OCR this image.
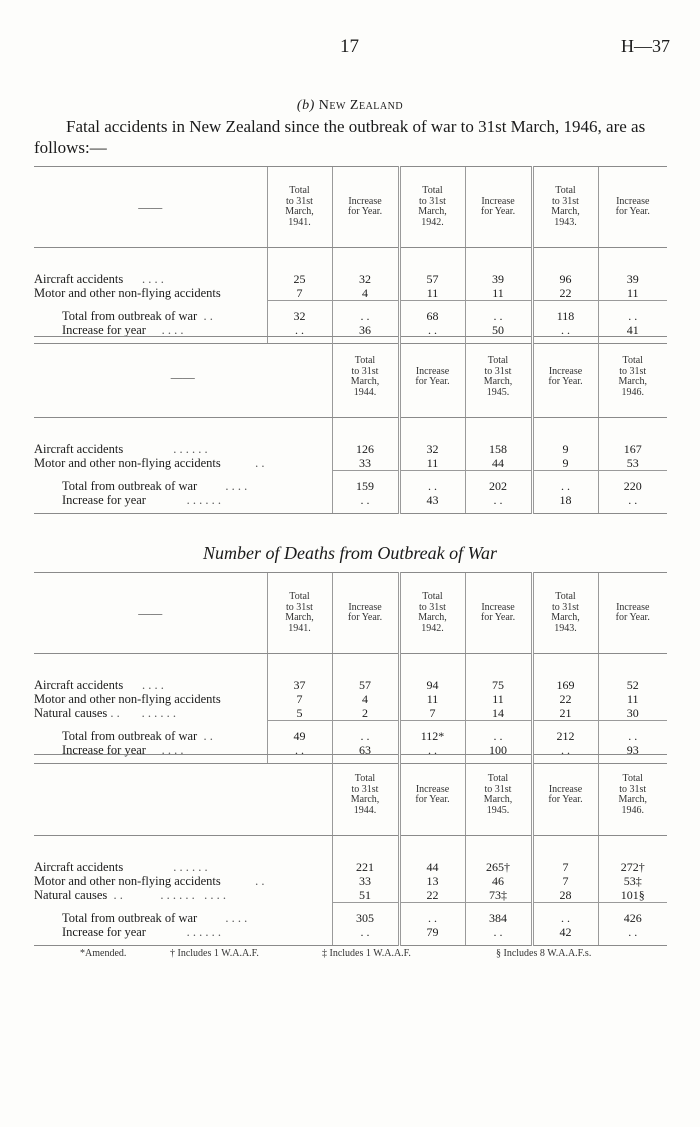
17	H—37
(b) New Zealand

Fatal accidents in New Zealand since the outbreak of war to 31st March, 1946, are as follows:—

——	Total
to 31st
March,
1941.	Increase
for Year.	Total
to 31st
March,
1942.	Increase
for Year.	Total
to 31st
March,
1943.	Increase
for Year.

Aircraft accidents . . . .	25	32	57	39	96	39
Motor and other non-flying accidents	7	4	11	11	22	11

Total from outbreak of war . .	32	. .	68	. .	118	. .
Increase for year . . . .	. .	36	. .	50	. .	41
——	Total
to 31st
March,
1944.	Increase
for Year.	Total
to 31st
March,
1945.	Increase
for Year.	Total
to 31st
March,
1946.

Aircraft accidents . . . . . .	126	32	158	9	167
Motor and other non-flying accidents . .	33	11	44	9	53

Total from outbreak of war . . . .	159	. .	202	. .	220
Increase for year . . . . . .	. .	43	. .	18	. .
Number of Deaths from Outbreak of War
——	Total
to 31st
March,
1941.	Increase
for Year.	Total
to 31st
March,
1942.	Increase
for Year.	Total
to 31st
March,
1943.	Increase
for Year.

Aircraft accidents . . . .	37	57	94	75	169	52
Motor and other non-flying accidents	7	4	11	11	22	11
Natural causes . . . . . . . .	5	2	7	14	21	30

Total from outbreak of war . .	49	. .	112*	. .	212	. .
Increase for year . . . .	. .	63	. .	100	. .	93
	Total
to 31st
March,
1944.	Increase
for Year.	Total
to 31st
March,
1945.	Increase
for Year.	Total
to 31st
March,
1946.

Aircraft accidents . . . . . .	221	44	265†	7	272†
Motor and other non-flying accidents . .	33	13	46	7	53‡
Natural causes . . . . . . . . . . . .	51	22	73‡	28	101§

Total from outbreak of war . . . .	305	. .	384	. .	426
Increase for year . . . . . .	. .	79	. .	42	. .
*Amended.	† Includes 1 W.A.A.F.	‡ Includes 1 W.A.A.F.	§ Includes 8 W.A.A.F.s.
